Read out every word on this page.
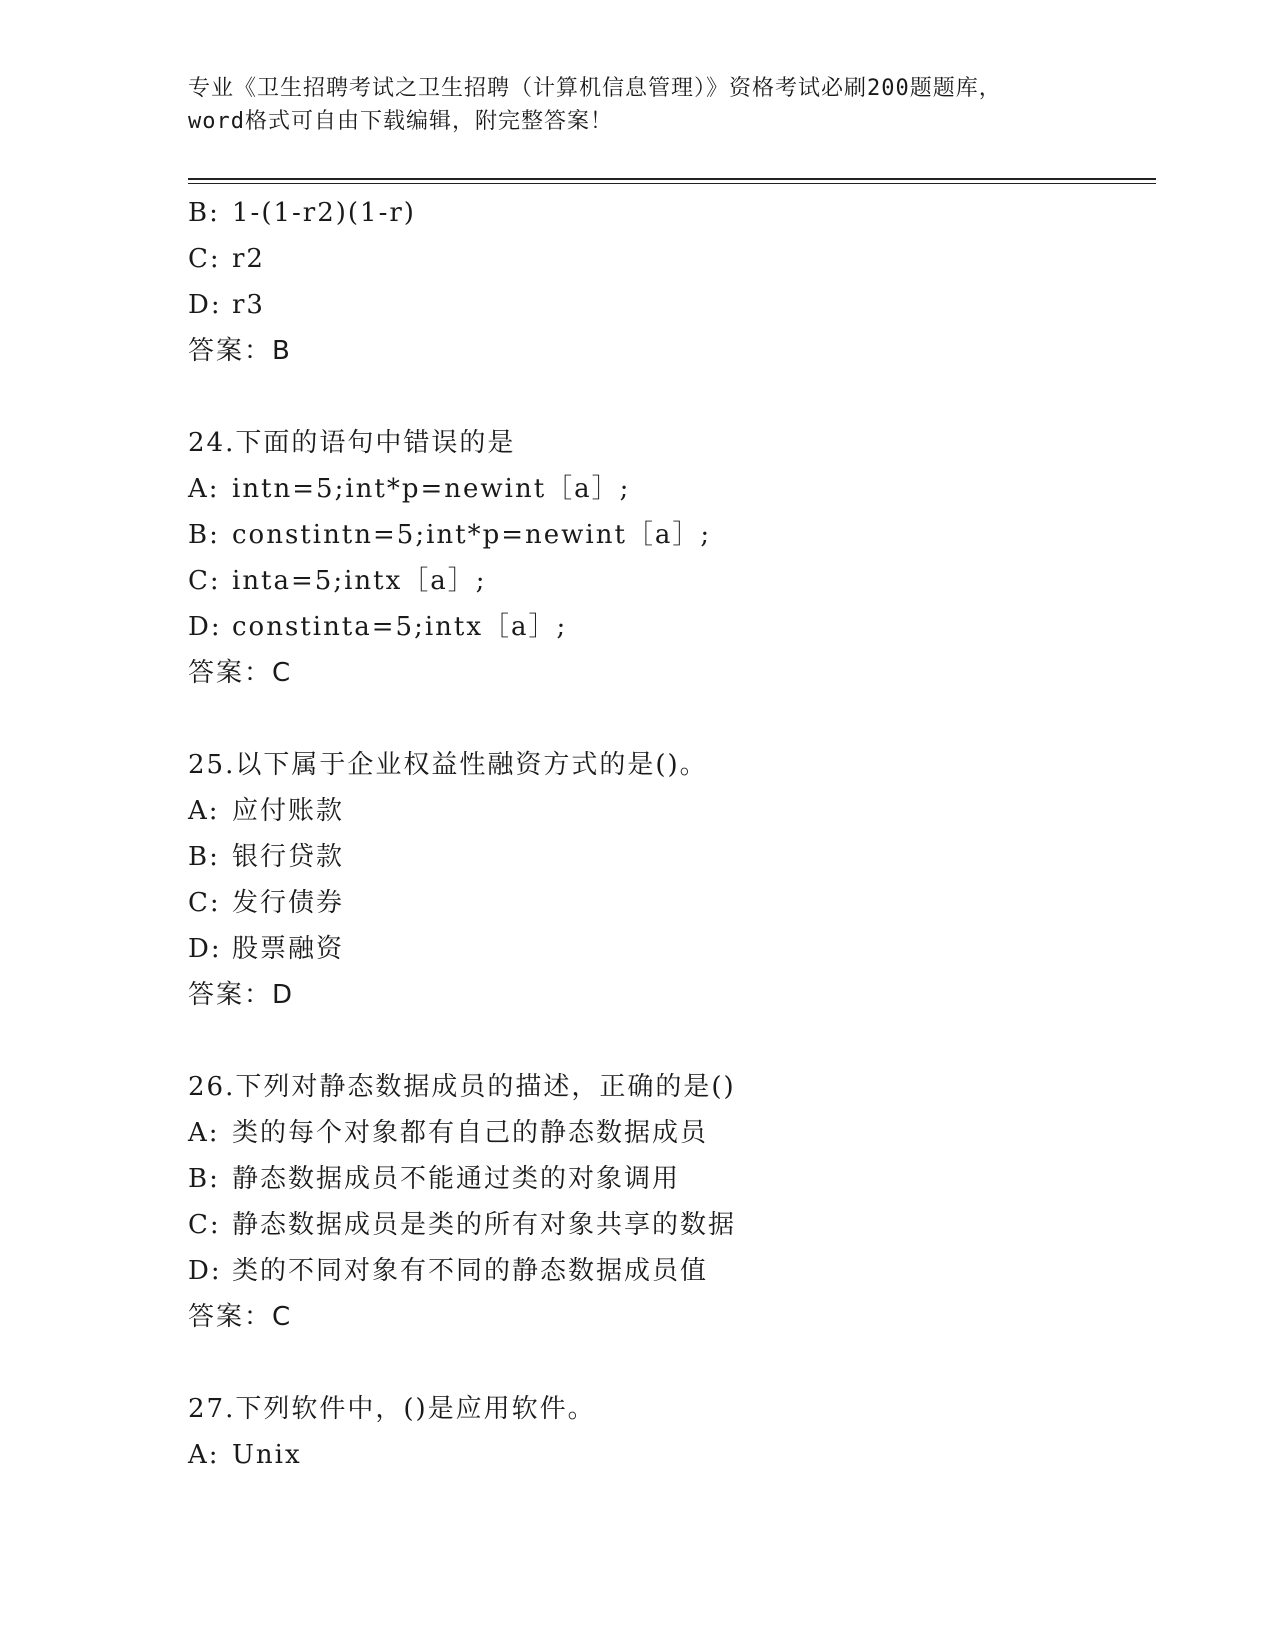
专业《卫生招聘考试之卫生招聘（计算机信息管理）》资格考试必刷200题题库，
word格式可自由下载编辑，附完整答案！
B: 1-(1-r2)(1-r)
C: r2
D: r3
答案：B
24.下面的语句中错误的是
A: intn=5;int*p=newint［a］;
B: constintn=5;int*p=newint［a］;
C: inta=5;intx［a］;
D: constinta=5;intx［a］;
答案：C
25.以下属于企业权益性融资方式的是()。
A: 应付账款
B: 银行贷款
C: 发行债券
D: 股票融资
答案：D
26.下列对静态数据成员的描述，正确的是()
A: 类的每个对象都有自己的静态数据成员
B: 静态数据成员不能通过类的对象调用
C: 静态数据成员是类的所有对象共享的数据
D: 类的不同对象有不同的静态数据成员值
答案：C
27.下列软件中，()是应用软件。
A: Unix
